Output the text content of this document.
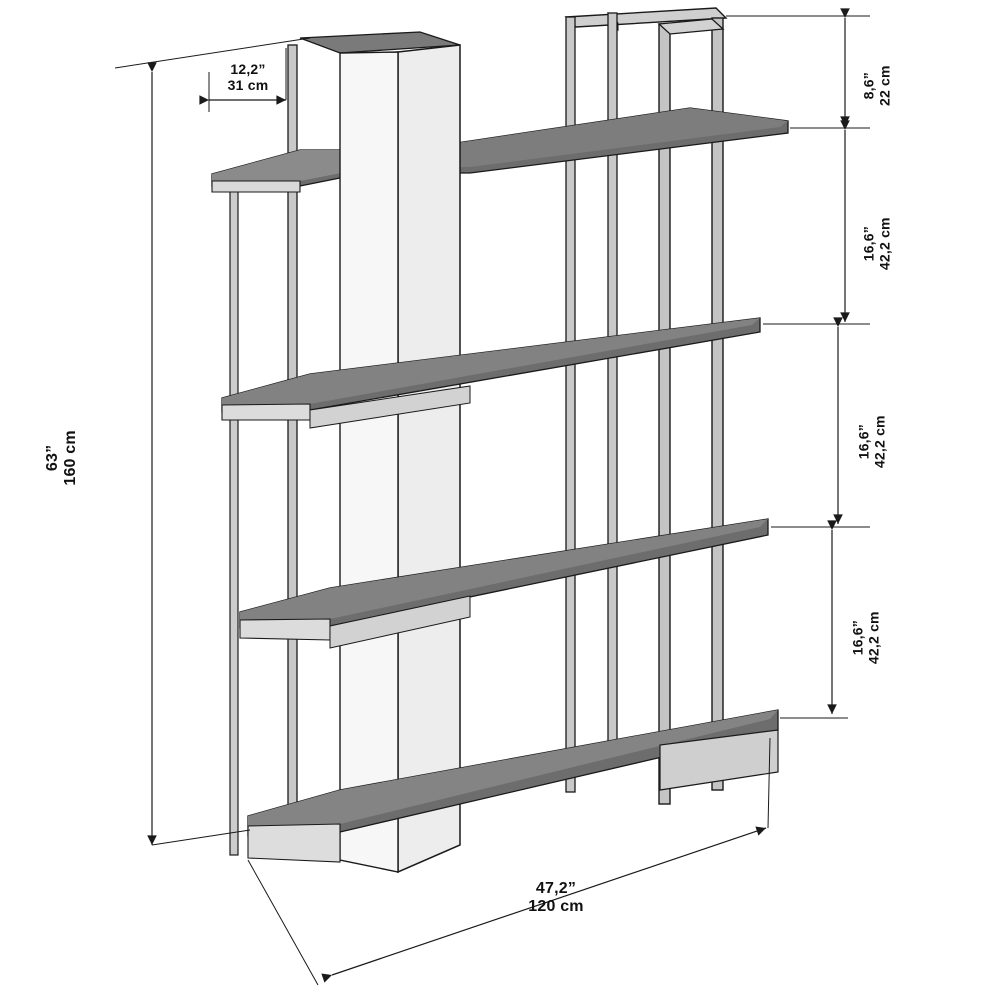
63” 160 cm
12,2”
31 cm	8,6” 22 cm
16,6” 42,2 cm
16,6” 42,2 cm
16,6” 42,2 cm
47,2”
120 cm
